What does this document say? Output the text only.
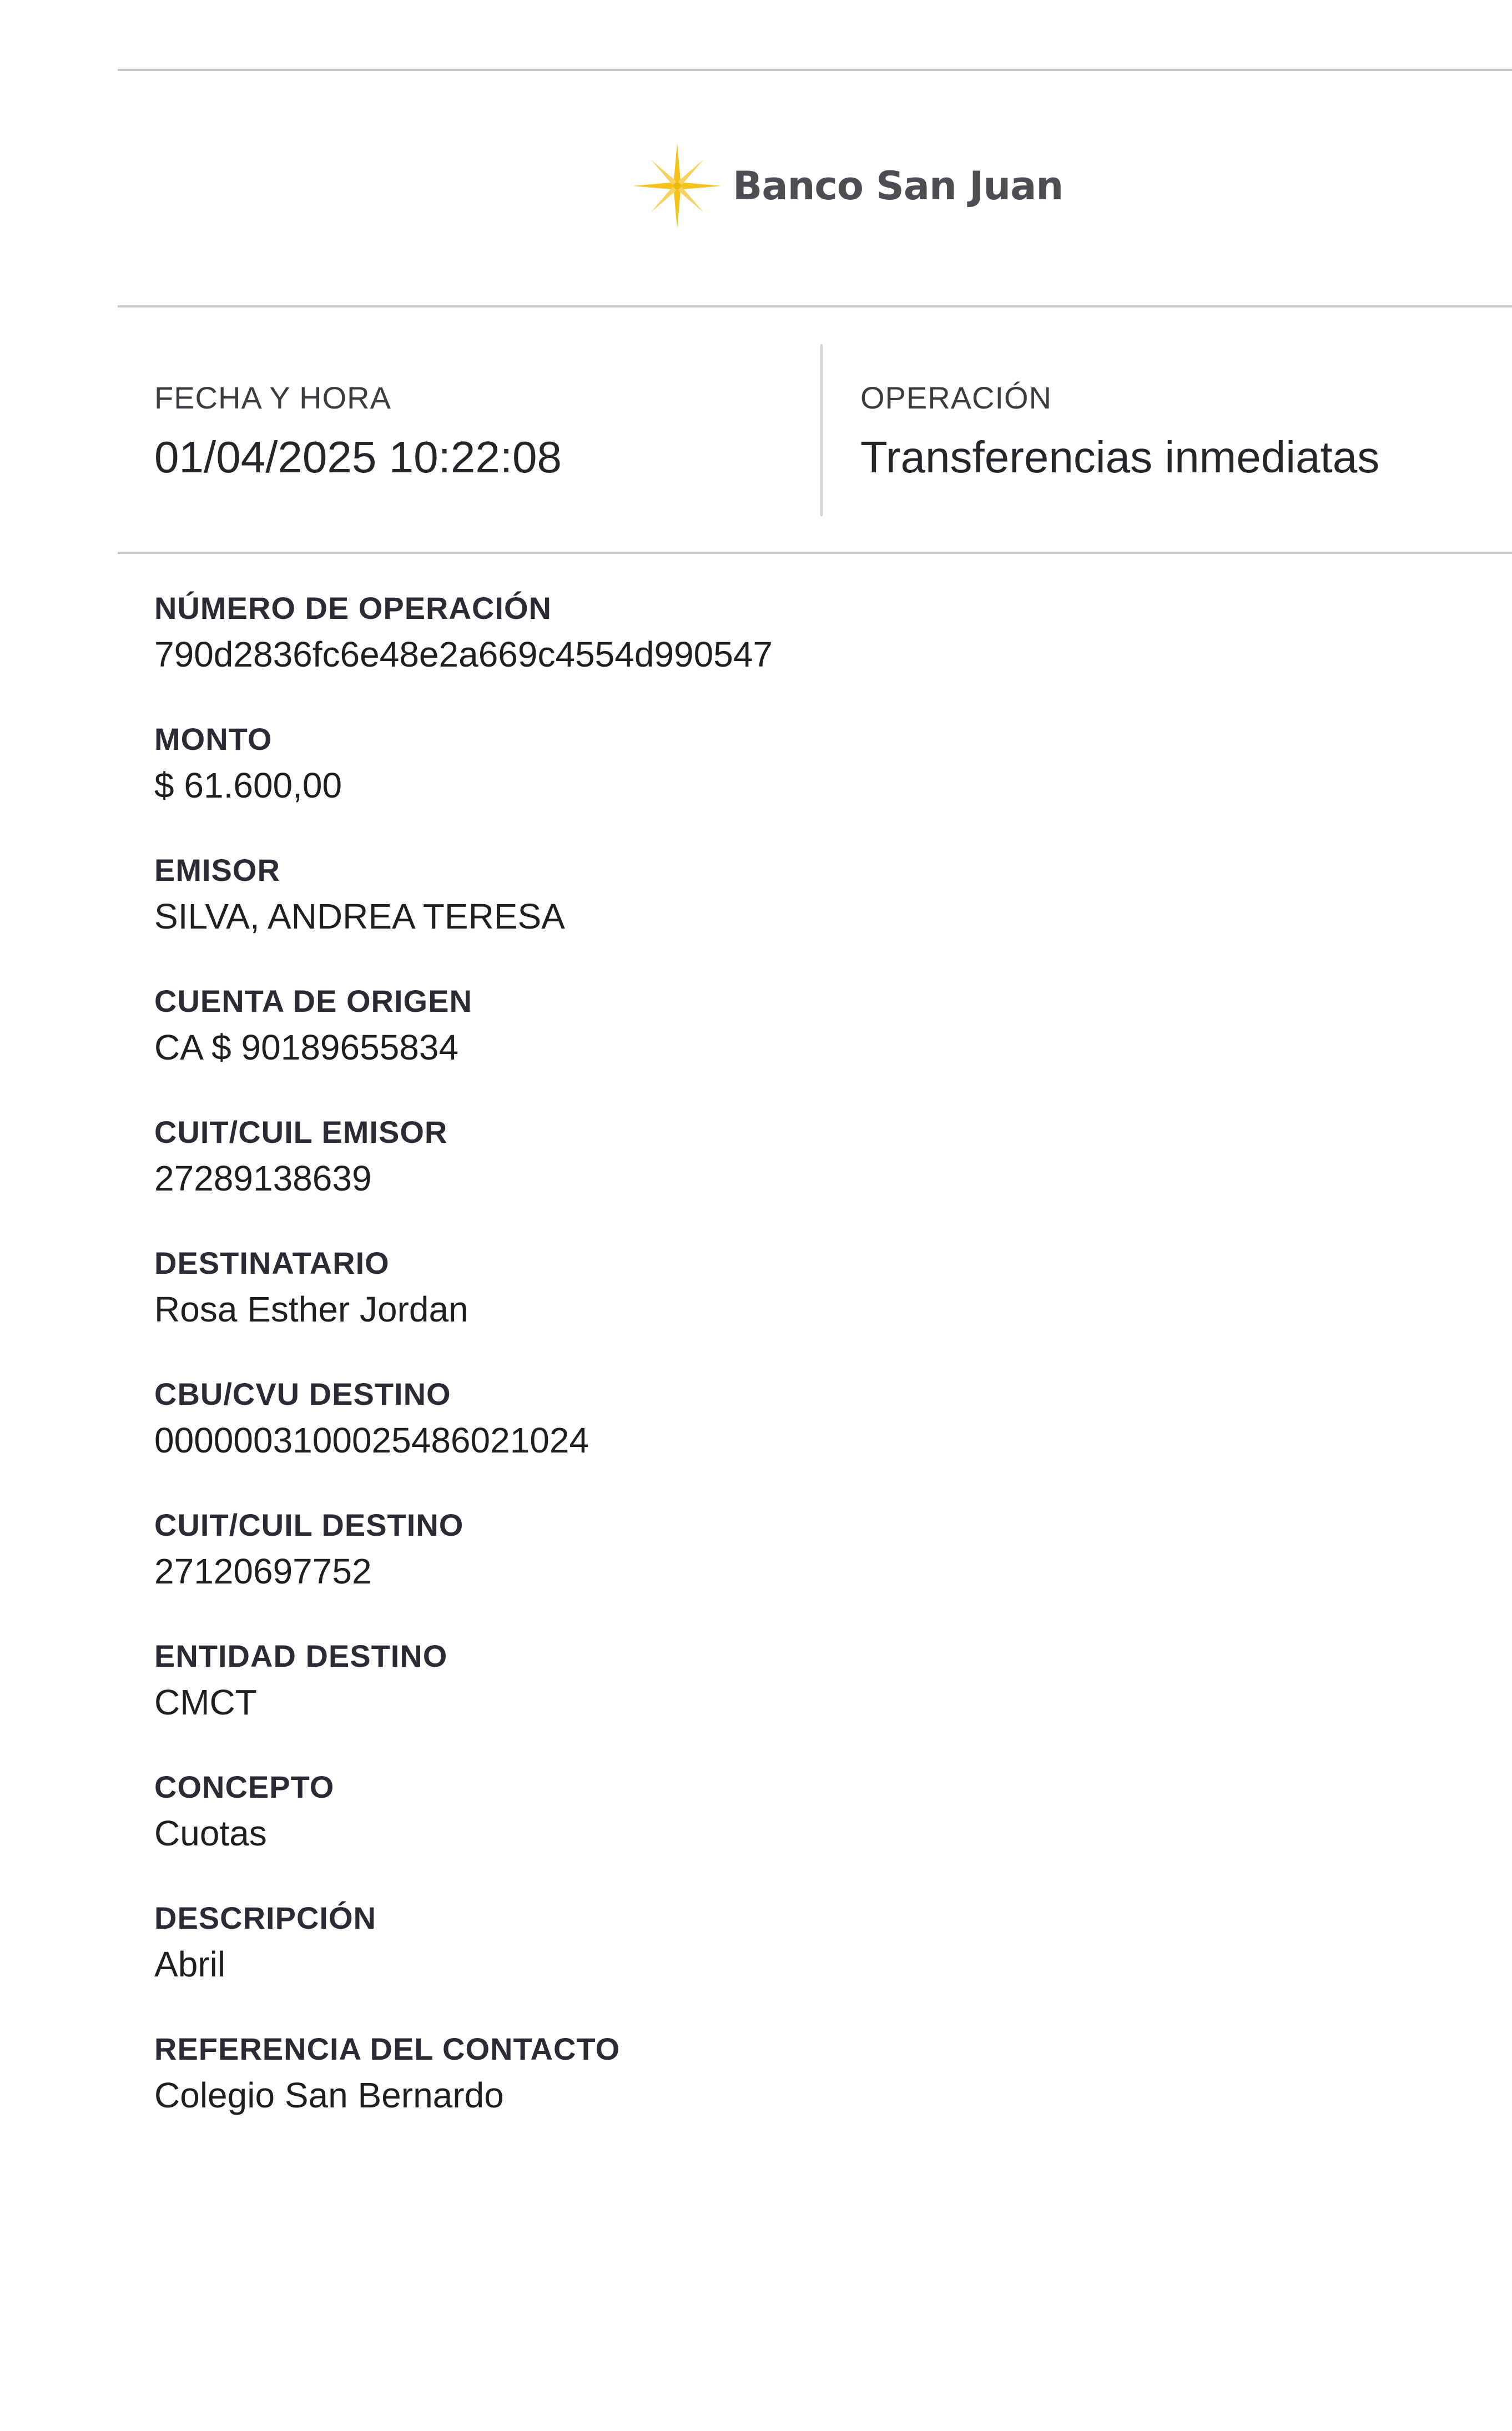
Banco San Juan
FECHA Y HORA
01/04/2025 10:22:08
OPERACIÓN
Transferencias inmediatas
NÚMERO DE OPERACIÓN
790d2836fc6e48e2a669c4554d990547
MONTO
$ 61.600,00
EMISOR
SILVA, ANDREA TERESA
CUENTA DE ORIGEN
CA $ 90189655834
CUIT/CUIL EMISOR
27289138639
DESTINATARIO
Rosa Esther Jordan
CBU/CVU DESTINO
0000003100025486021024
CUIT/CUIL DESTINO
27120697752
ENTIDAD DESTINO
CMCT
CONCEPTO
Cuotas
DESCRIPCIÓN
Abril
REFERENCIA DEL CONTACTO
Colegio San Bernardo
